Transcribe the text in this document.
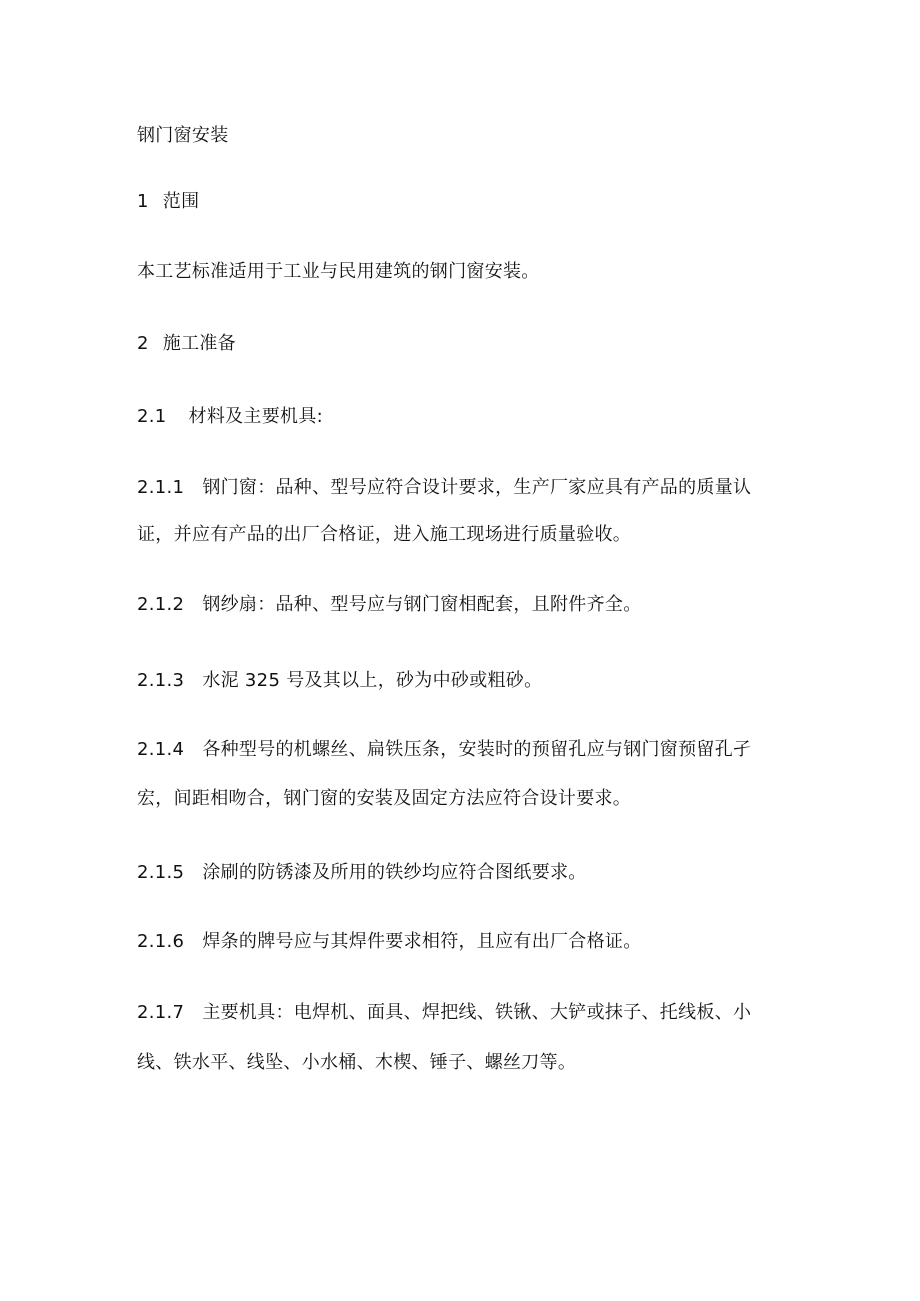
钢门窗安装
1 范围
本工艺标准适用于工业与民用建筑的钢门窗安装。
2 施工准备
2.1 材料及主要机具:
2.1.1 钢门窗：品种、型号应符合设计要求，生产厂家应具有产品的质量认
证，并应有产品的出厂合格证，进入施工现场进行质量验收。
2.1.2 钢纱扇：品种、型号应与钢门窗相配套，且附件齐全。
2.1.3 水泥 325 号及其以上，砂为中砂或粗砂。
2.1.4 各种型号的机螺丝、扁铁压条，安装时的预留孔应与钢门窗预留孔孑
宏，间距相吻合，钢门窗的安装及固定方法应符合设计要求。
2.1.5 涂刷的防锈漆及所用的铁纱均应符合图纸要求。
2.1.6 焊条的牌号应与其焊件要求相符，且应有出厂合格证。
2.1.7 主要机具：电焊机、面具、焊把线、铁锹、大铲或抹子、托线板、小
线、铁水平、线坠、小水桶、木楔、锤子、螺丝刀等。
